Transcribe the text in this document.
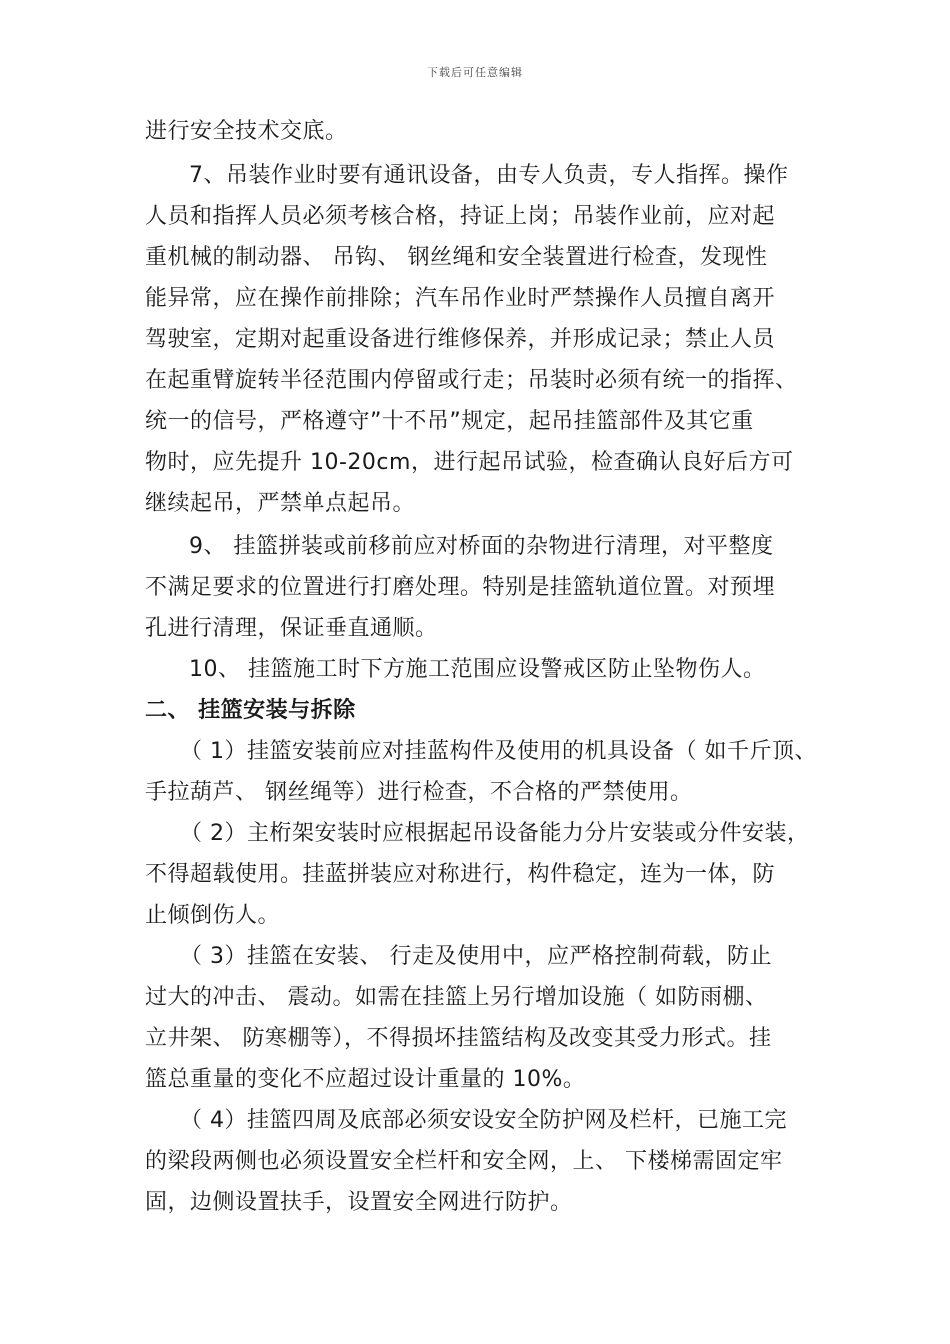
下载后可任意编辑
进行安全技术交底。
7、吊装作业时要有通讯设备，由专人负责，专人指挥。操作
人员和指挥人员必须考核合格，持证上岗；吊装作业前，应对起
重机械的制动器、 吊钩、 钢丝绳和安全装置进行检查，发现性
能异常，应在操作前排除；汽车吊作业时严禁操作人员擅自离开
驾驶室，定期对起重设备进行维修保养，并形成记录；禁止人员
在起重臂旋转半径范围内停留或行走；吊装时必须有统一的指挥、
统一的信号，严格遵守”十不吊”规定，起吊挂篮部件及其它重
物时，应先提升 10-20cm，进行起吊试验，检查确认良好后方可
继续起吊，严禁单点起吊。
9、 挂篮拼装或前移前应对桥面的杂物进行清理，对平整度
不满足要求的位置进行打磨处理。特别是挂篮轨道位置。对预埋
孔进行清理，保证垂直通顺。
10、 挂篮施工时下方施工范围应设警戒区防止坠物伤人。
二、 挂篮安装与拆除
（ 1）挂篮安装前应对挂蓝构件及使用的机具设备（ 如千斤顶、
手拉葫芦、 钢丝绳等）进行检查，不合格的严禁使用。
（ 2）主桁架安装时应根据起吊设备能力分片安装或分件安装，
不得超载使用。挂蓝拼装应对称进行，构件稳定，连为一体，防
止倾倒伤人。
（ 3）挂篮在安装、 行走及使用中，应严格控制荷载，防止
过大的冲击、 震动。如需在挂篮上另行增加设施（ 如防雨棚、
立井架、 防寒棚等），不得损坏挂篮结构及改变其受力形式。挂
篮总重量的变化不应超过设计重量的 10%。
（ 4）挂篮四周及底部必须安设安全防护网及栏杆，已施工完
的梁段两侧也必须设置安全栏杆和安全网，上、 下楼梯需固定牢
固，边侧设置扶手，设置安全网进行防护。
